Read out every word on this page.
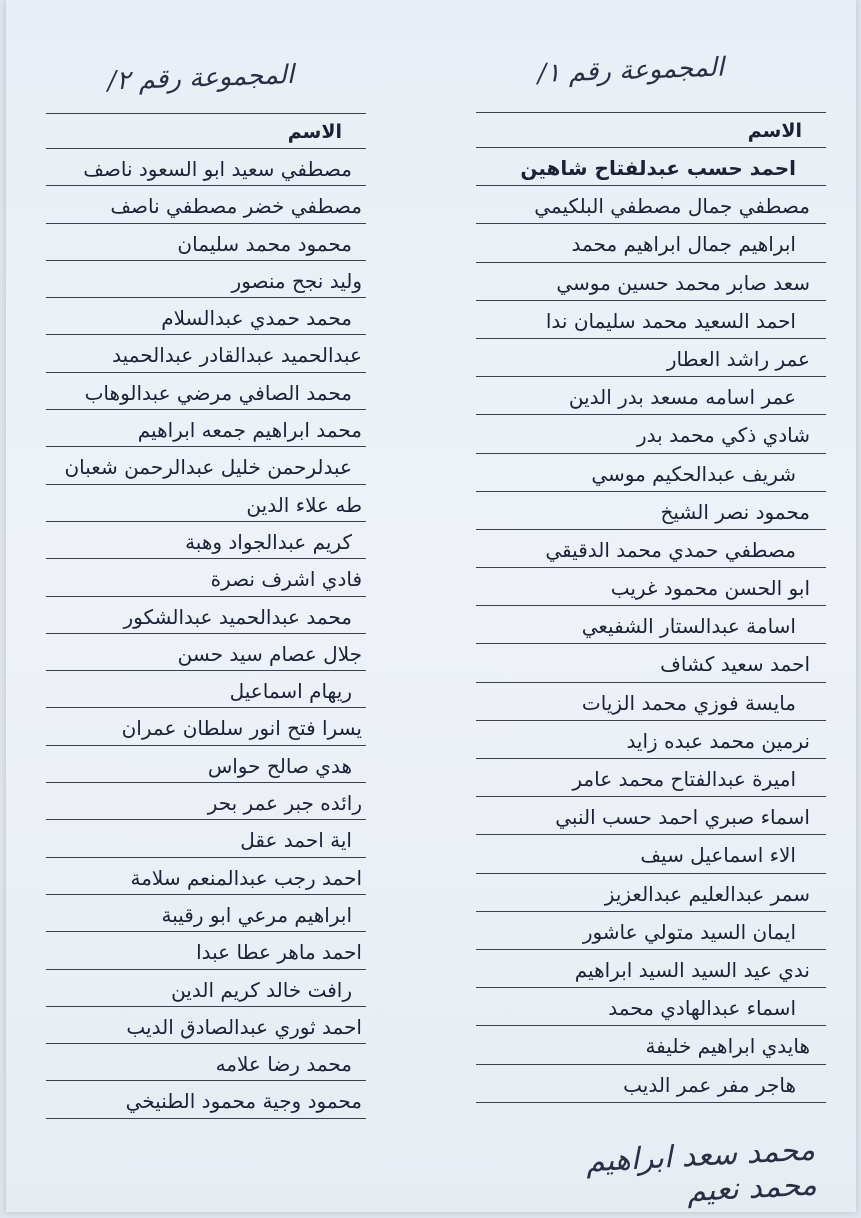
المجموعة رقم ١/
الاسم
احمد حسب عبدلفتاح شاهين
مصطفي جمال مصطفي البلكيمي
ابراهيم جمال ابراهيم محمد
سعد صابر محمد حسين موسي
احمد السعيد محمد سليمان ندا
عمر راشد العطار
عمر اسامه مسعد بدر الدين
شادي ذكي محمد بدر
شريف عبدالحكيم موسي
محمود نصر الشيخ
مصطفي حمدي محمد الدقيقي
ابو الحسن محمود غريب
اسامة عبدالستار الشفيعي
احمد سعيد كشاف
مايسة فوزي محمد الزيات
نرمين محمد عبده زايد
اميرة عبدالفتاح محمد عامر
اسماء صبري احمد حسب النبي
الاء اسماعيل سيف
سمر عبدالعليم عبدالعزيز
ايمان السيد متولي عاشور
ندي عيد السيد السيد ابراهيم
اسماء عبدالهادي محمد
هايدي ابراهيم خليفة
هاجر مفر عمر الديب
المجموعة رقم ٢/
الاسم
مصطفي سعيد ابو السعود ناصف
مصطفي خضر مصطفي ناصف
محمود محمد سليمان
وليد نجح منصور
محمد حمدي عبدالسلام
عبدالحميد عبدالقادر عبدالحميد
محمد الصافي مرضي عبدالوهاب
محمد ابراهيم جمعه ابراهيم
عبدلرحمن خليل عبدالرحمن شعبان
طه علاء الدين
كريم عبدالجواد وهبة
فادي اشرف نصرة
محمد عبدالحميد عبدالشكور
جلال عصام سيد حسن
ريهام اسماعيل
يسرا فتح انور سلطان عمران
هدي صالح حواس
رائده جبر عمر بحر
اية احمد عقل
احمد رجب عبدالمنعم سلامة
ابراهيم مرعي ابو رقيبة
احمد ماهر عطا عبدا
رافت خالد كريم الدين
احمد ثوري عبدالصادق الديب
محمد رضا علامه
محمود وجية محمود الطنيخي
محمد سعد ابراهيم محمد نعيم
